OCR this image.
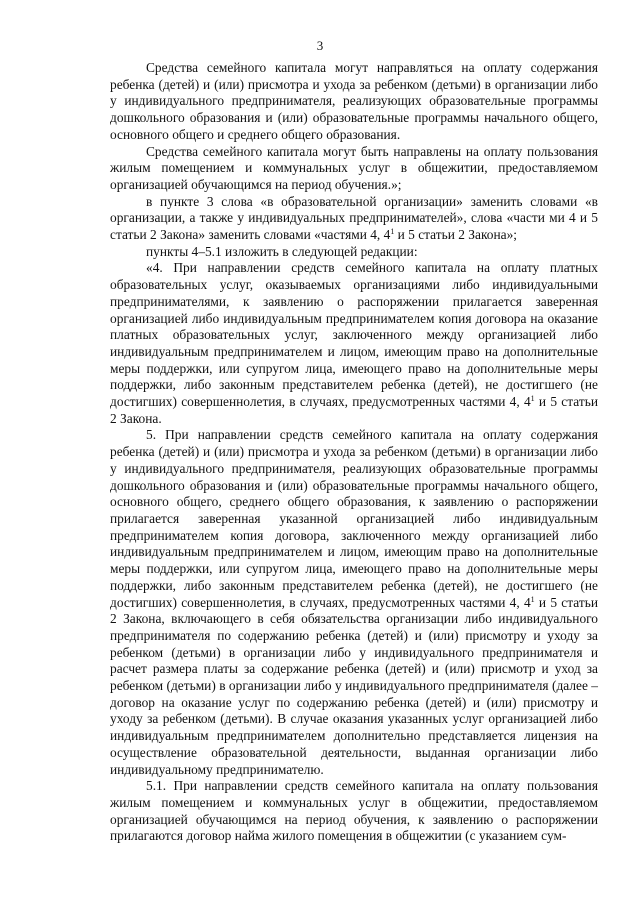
3

Средства семейного капитала могут направляться на оплату содержания ребенка (детей) и (или) присмотра и ухода за ребенком (детьми) в организации либо у индивидуального предпринимателя, реализующих образовательные программы дошкольного образования и (или) образовательные программы начального общего, основного общего и среднего общего образования.

Средства семейного капитала могут быть направлены на оплату пользования жилым помещением и коммунальных услуг в общежитии, предоставляемом организацией обучающимся на период обучения.»;

в пункте 3 слова «в образовательной организации» заменить словами «в организации, а также у индивидуальных предпринимателей», слова «части ми 4 и 5 статьи 2 Закона» заменить словами «частями 4, $4^1$ и 5 статьи 2 Закона»;

пункты 4–5.1 изложить в следующей редакции:

«4. При направлении средств семейного капитала на оплату платных образовательных услуг, оказываемых организациями либо индивидуальными предпринимателями, к заявлению о распоряжении прилагается заверенная организацией либо индивидуальным предпринимателем копия договора на оказание платных образовательных услуг, заключенного между организацией либо индивидуальным предпринимателем и лицом, имеющим право на дополнительные меры поддержки, или супругом лица, имеющего право на дополнительные меры поддержки, либо законным представителем ребенка (детей), не достигшего (не достигших) совершеннолетия, в случаях, предусмотренных частями 4, $4^1$ и 5 статьи 2 Закона.

5. При направлении средств семейного капитала на оплату содержания ребенка (детей) и (или) присмотра и ухода за ребенком (детьми) в организации либо у индивидуального предпринимателя, реализующих образовательные программы дошкольного образования и (или) образовательные программы начального общего, основного общего, среднего общего образования, к заявлению о распоряжении прилагается заверенная указанной организацией либо индивидуальным предпринимателем копия договора, заключенного между организацией либо индивидуальным предпринимателем и лицом, имеющим право на дополнительные меры поддержки, или супругом лица, имеющего право на дополнительные меры поддержки, либо законным представителем ребенка (детей), не достигшего (не достигших) совершеннолетия, в случаях, предусмотренных частями 4, $4^1$ и 5 статьи 2 Закона, включающего в себя обязательства организации либо индивидуального предпринимателя по содержанию ребенка (детей) и (или) присмотру и уходу за ребенком (детьми) в организации либо у индивидуального предпринимателя и расчет размера платы за содержание ребенка (детей) и (или) присмотр и уход за ребенком (детьми) в организации либо у индивидуального предпринимателя (далее – договор на оказание услуг по содержанию ребенка (детей) и (или) присмотру и уходу за ребенком (детьми). В случае оказания указанных услуг организацией либо индивидуальным предпринимателем дополнительно представляется лицензия на осуществление образовательной деятельности, выданная организации либо индивидуальному предпринимателю.

5.1. При направлении средств семейного капитала на оплату пользования жилым помещением и коммунальных услуг в общежитии, предоставляемом организацией обучающимся на период обучения, к заявлению о распоряжении прилагаются договор найма жилого помещения в общежитии (с указанием сум-
